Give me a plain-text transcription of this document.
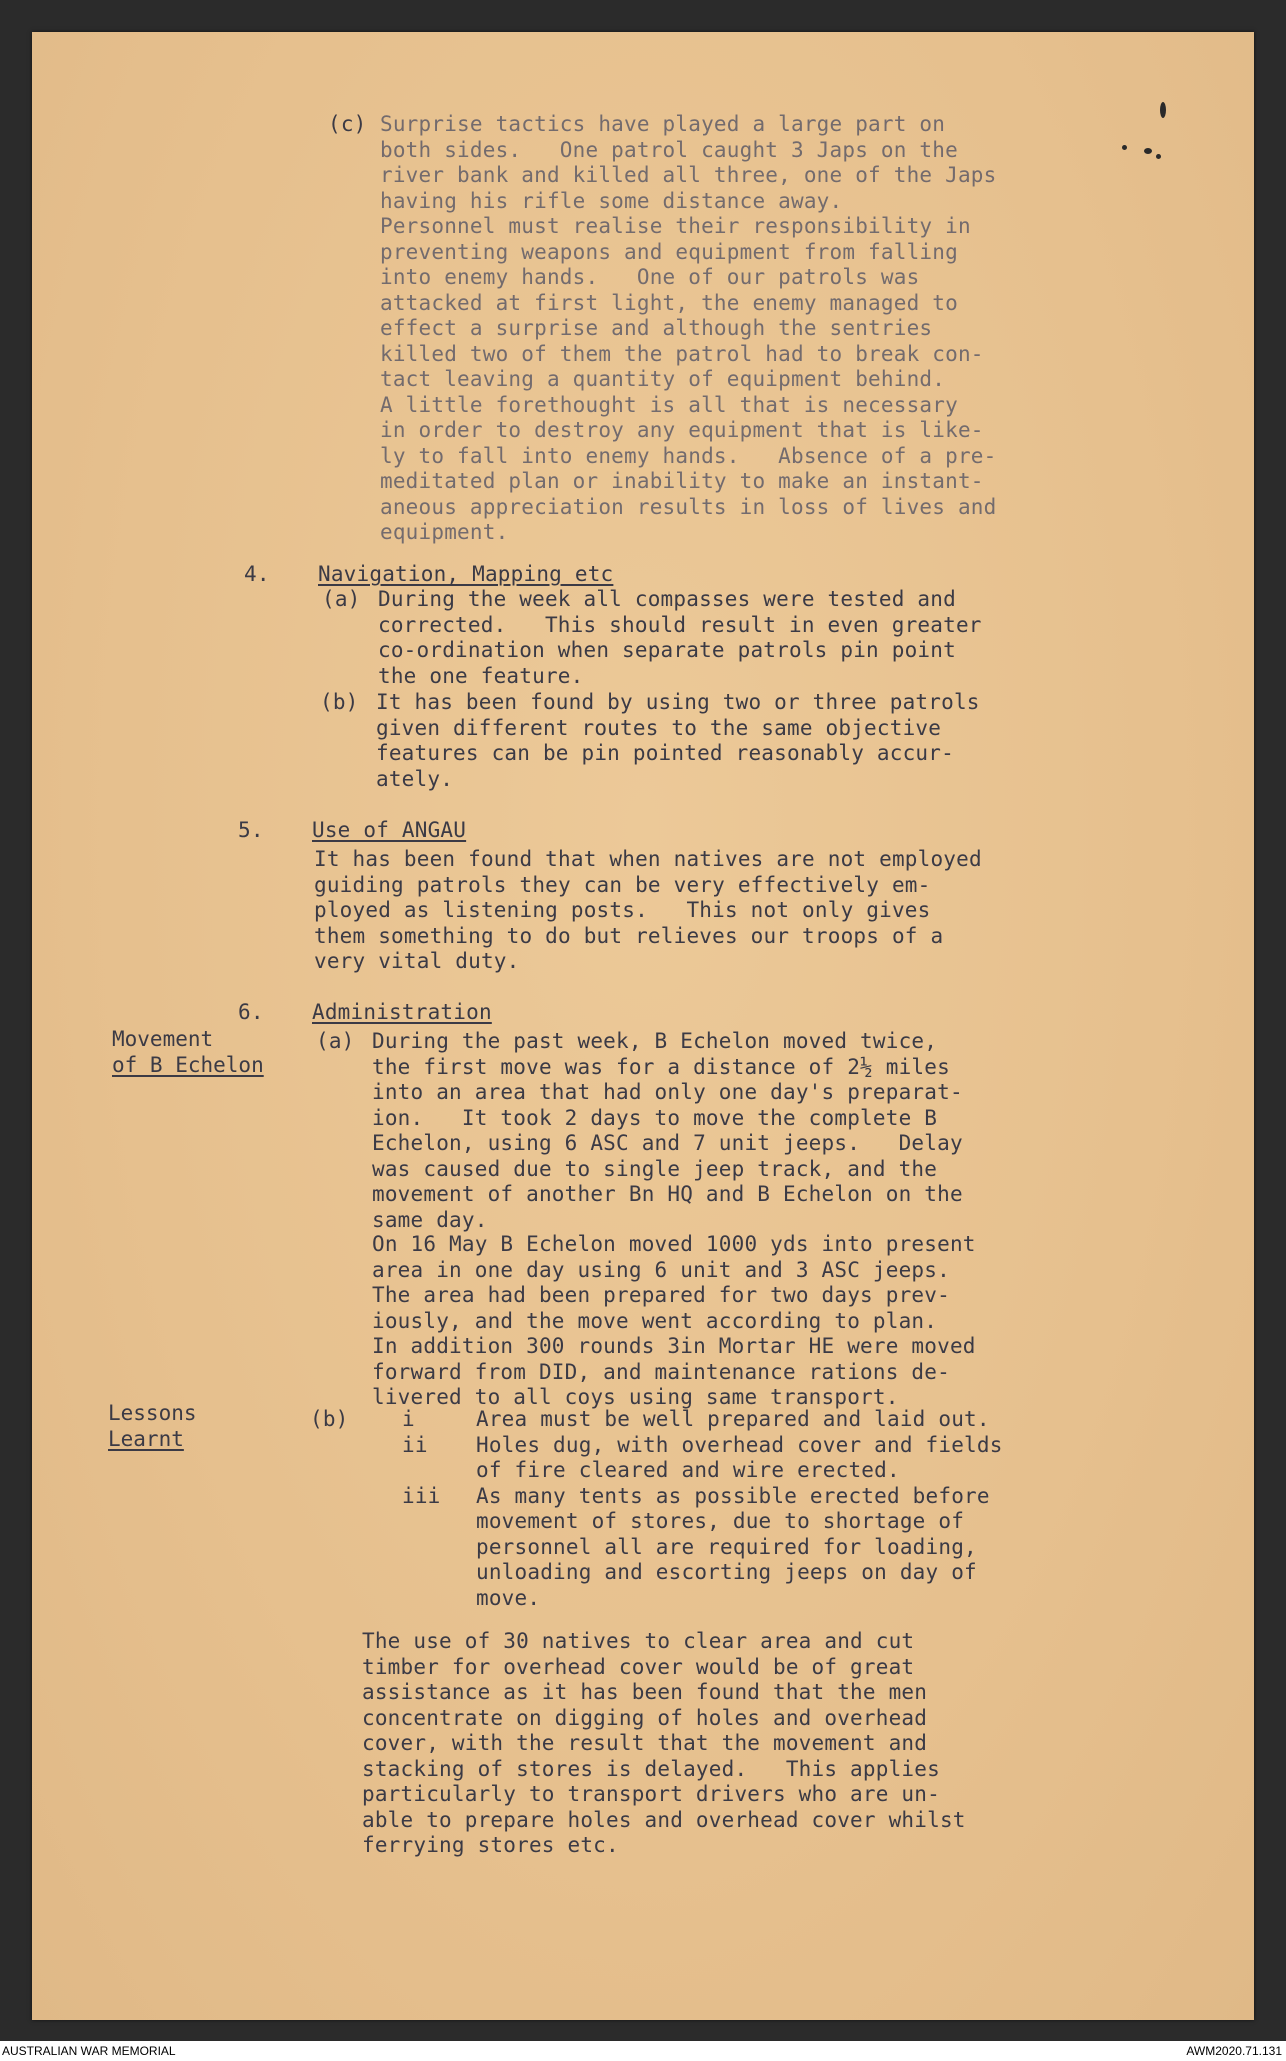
(c) Surprise tactics have played a large part on
both sides.   One patrol caught 3 Japs on the
river bank and killed all three, one of the Japs
having his rifle some distance away.
Personnel must realise their responsibility in
preventing weapons and equipment from falling
into enemy hands.   One of our patrols was
attacked at first light, the enemy managed to
effect a surprise and although the sentries
killed two of them the patrol had to break con-
tact leaving a quantity of equipment behind.
A little forethought is all that is necessary
in order to destroy any equipment that is like-
ly to fall into enemy hands.   Absence of a pre-
meditated plan or inability to make an instant-
aneous appreciation results in loss of lives and
equipment.
4. Navigation, Mapping etc
(a) During the week all compasses were tested and
corrected.   This should result in even greater
co-ordination when separate patrols pin point
the one feature.
(b) It has been found by using two or three patrols
given different routes to the same objective
features can be pin pointed reasonably accur-
ately.
5. Use of ANGAU
It has been found that when natives are not employed
guiding patrols they can be very effectively em-
ployed as listening posts.   This not only gives
them something to do but relieves our troops of a
very vital duty.
6. Administration
Movement
of B Echelon
(a) During the past week, B Echelon moved twice,
the first move was for a distance of 2½ miles
into an area that had only one day's preparat-
ion.   It took 2 days to move the complete B
Echelon, using 6 ASC and 7 unit jeeps.   Delay
was caused due to single jeep track, and the
movement of another Bn HQ and B Echelon on the
same day.
On 16 May B Echelon moved 1000 yds into present
area in one day using 6 unit and 3 ASC jeeps.
The area had been prepared for two days prev-
iously, and the move went according to plan.
In addition 300 rounds 3in Mortar HE were moved
forward from DID, and maintenance rations de-
livered to all coys using same transport.
Lessons
Learnt
(b)	i	Area must be well prepared and laid out.
ii Holes dug, with overhead cover and fields
of fire cleared and wire erected.
iii As many tents as possible erected before
movement of stores, due to shortage of
personnel all are required for loading,
unloading and escorting jeeps on day of
move.
The use of 30 natives to clear area and cut
timber for overhead cover would be of great
assistance as it has been found that the men
concentrate on digging of holes and overhead
cover, with the result that the movement and
stacking of stores is delayed.   This applies
particularly to transport drivers who are un-
able to prepare holes and overhead cover whilst
ferrying stores etc.
AUSTRALIAN WAR MEMORIAL	AWM2020.71.131
